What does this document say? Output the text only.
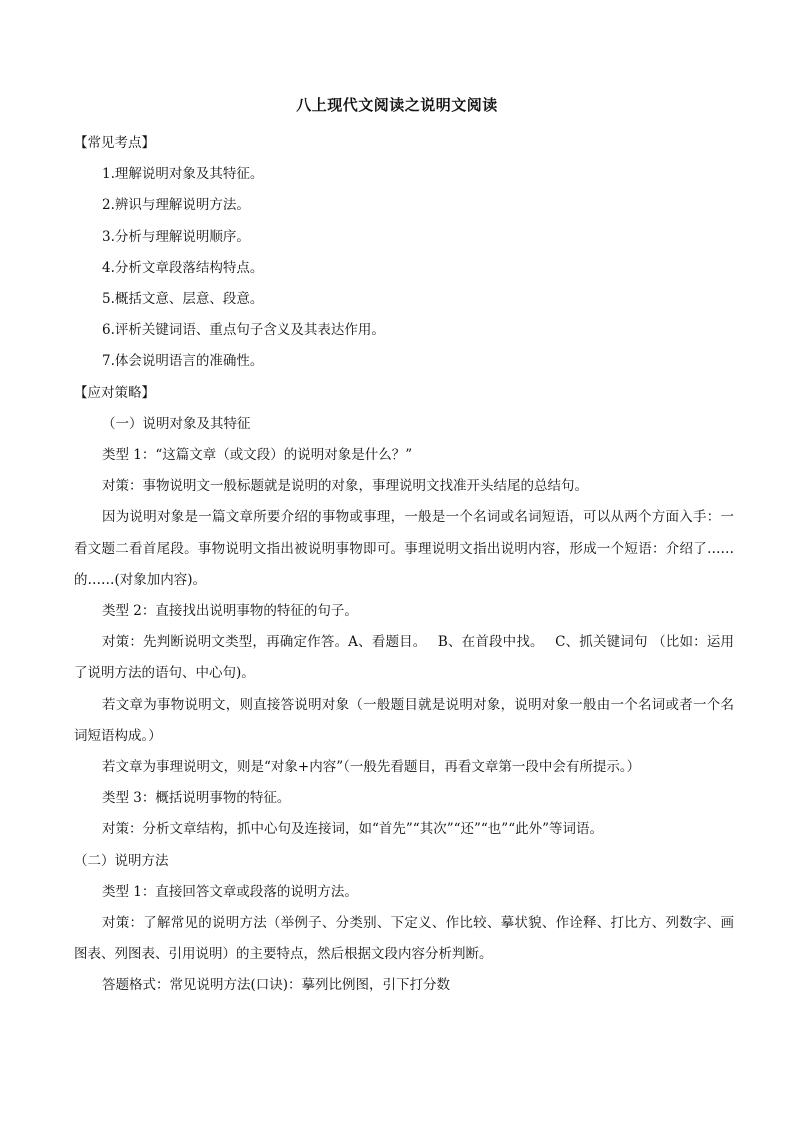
八上现代文阅读之说明文阅读

【常见考点】

1.理解说明对象及其特征。

2.辨识与理解说明方法。

3.分析与理解说明顺序。

4.分析文章段落结构特点。

5.概括文意、层意、段意。

6.评析关键词语、重点句子含义及其表达作用。

7.体会说明语言的准确性。

【应对策略】

（一）说明对象及其特征

类型 1：“这篇文章（或文段）的说明对象是什么？”

对策：事物说明文一般标题就是说明的对象，事理说明文找准开头结尾的总结句。

因为说明对象是一篇文章所要介绍的事物或事理，一般是一个名词或名词短语，可以从两个方面入手：一看文题二看首尾段。事物说明文指出被说明事物即可。事理说明文指出说明内容，形成一个短语：介绍了……的……(对象加内容)。

类型 2：直接找出说明事物的特征的句子。

对策：先判断说明文类型，再确定作答。A、看题目。　 B、在首段中找。　 C、抓关键词句 （比如：运用了说明方法的语句、中心句)。

若文章为事物说明文，则直接答说明对象（一般题目就是说明对象，说明对象一般由一个名词或者一个名词短语构成。）

若文章为事理说明文，则是“对象+内容”（一般先看题目，再看文章第一段中会有所提示。）

类型 3：概括说明事物的特征。

对策：分析文章结构，抓中心句及连接词，如“首先”“其次”“还”“也”“此外”等词语。

（二）说明方法

类型 1：直接回答文章或段落的说明方法。

对策：了解常见的说明方法（举例子、分类别、下定义、作比较、摹状貌、作诠释、打比方、列数字、画图表、列图表、引用说明）的主要特点，然后根据文段内容分析判断。

答题格式：常见说明方法(口诀)：摹列比例图，引下打分数
